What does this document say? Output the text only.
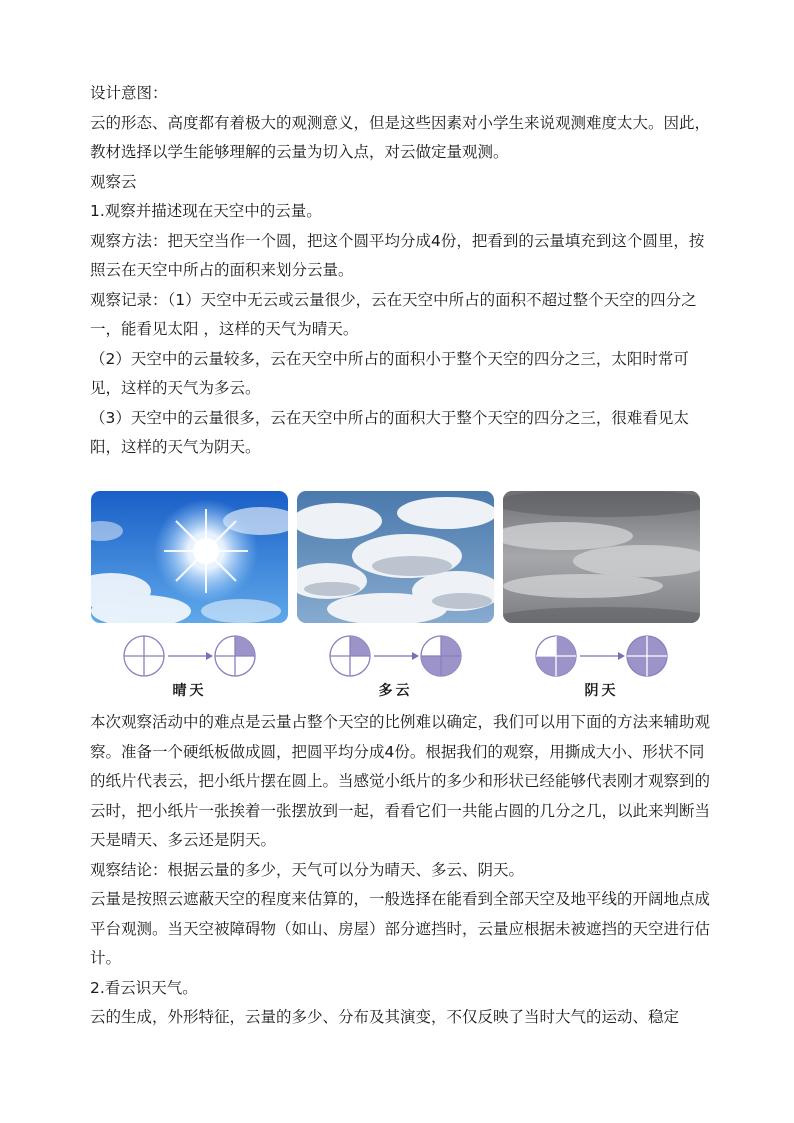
设计意图：

云的形态、高度都有着极大的观测意义，但是这些因素对小学生来说观测难度太大。因此，教材选择以学生能够理解的云量为切入点，对云做定量观测。

观察云

1.观察并描述现在天空中的云量。

观察方法：把天空当作一个圆，把这个圆平均分成4份，把看到的云量填充到这个圆里，按照云在天空中所占的面积来划分云量。

观察记录：（1）天空中无云或云量很少，云在天空中所占的面积不超过整个天空的四分之一，能看见太阳 ，这样的天气为晴天。

（2）天空中的云量较多，云在天空中所占的面积小于整个天空的四分之三，太阳时常可见，这样的天气为多云。

（3）天空中的云量很多，云在天空中所占的面积大于整个天空的四分之三，很难看见太阳，这样的天气为阴天。

晴天	多云	阴天

本次观察活动中的难点是云量占整个天空的比例难以确定，我们可以用下面的方法来辅助观察。准备一个硬纸板做成圆，把圆平均分成4份。根据我们的观察，用撕成大小、形状不同的纸片代表云，把小纸片摆在圆上。当感觉小纸片的多少和形状已经能够代表刚才观察到的云时，把小纸片一张挨着一张摆放到一起，看看它们一共能占圆的几分之几，以此来判断当天是晴天、多云还是阴天。

观察结论：根据云量的多少，天气可以分为晴天、多云、阴天。

云量是按照云遮蔽天空的程度来估算的，一般选择在能看到全部天空及地平线的开阔地点成平台观测。当天空被障碍物（如山、房屋）部分遮挡时，云量应根据未被遮挡的天空进行估计。

2.看云识天气。

云的生成，外形特征，云量的多少、分布及其演变，不仅反映了当时大气的运动、稳定
